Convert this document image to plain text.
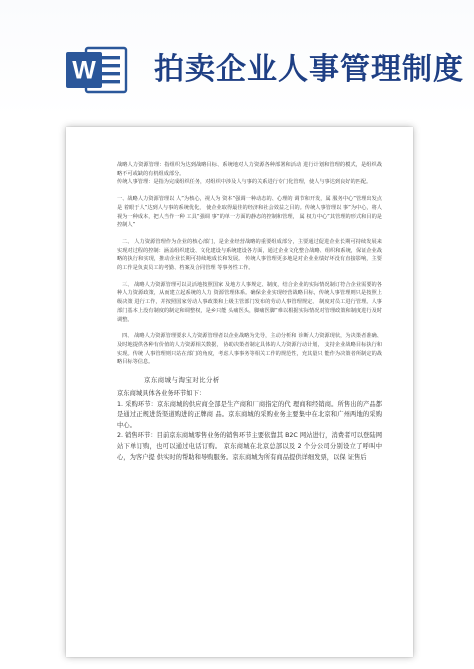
W 拍卖企业人事管理制度

战略人力资源管理：指组织为达到战略目标、系统地对人力资源各种部署和活动 进行计划和管理的模式，是组织战略不可或缺的有机组成部分。

传统人事管理：是指为完成组织任务，对组织中涉及人与事的关系进行专门化管理，使人与事达到良好的匹配。

一、战略人力资源管理以 人”为核心，视人为 资本”强调一种动态的、心理的 调节和开发，属 服务中心”管理出发点是 着眼于人”达到人与事的系统优化， 使企业取得最佳的经济和社会效益之目的。传统人事管理以 事”为中心，将人视为一种成本，把人当作一种 工具”强调 事”的单一方面的静态的控制和管理， 属 权力中心”其管理的形式和目的是 控制人”

二、 人力资源管理作为企业的核心部门，是企业经营战略的重要组成部分，主要通过促进企业长期可持续发展来实现对过程的控制：涵盖组织建设、文化建设与系统建设各方面，通过企业文化整合战略、组织和系统，保证企业战略的执行和实现，推动企业长期可持续地成长和发展。 传统人事管理更多地是对企业业绩好坏没有直接影响，主要的工作是负责员工的考勤、档案及合同管理 等事务性工作。

三、 战略人力资源管理可以灵活地按照国家 及地方人事规定、制度，结合企业的实际情况制订符合企业需要的各种人力资源政策，从而建立起系统的人力 资源管理体系。确保企业实现经营战略目标，传统人事管理则只是按照上级决策 进行工作，并按照国家劳动人事政策和上级主管部门发布的劳动人事管理规定、 制度对员工进行管理。人事部门基本上没有制度的制定和调整权，是乡只能 头痛医头，脚痛医脚”难以根据实际情况对管理政策和制度进行及时调整。

四、 战略人力资源管理要求人力资源管理者以企业战略为先导，主动分析和 诊断人力资源现状，为决策者准确、及时地提供各种有价值的人力资源相关数据， 协助决策者制定具体的人力资源行动计划， 支持企业战略目标执行和实现。传统 人事管理则只站在部门的角度，考虑人事事务等相关工作的规范性，充其量只 能作为决策者所制定的战略目标等信息。

京东商城与淘宝对比分析

京东商城具体各业务环节如下：

1. 采购环节：京东商城的供应商全部是生产商和厂商指定的代 理商和经销商。所售出的产品都是通过正规进货渠道购进的正牌商 品。京东商城的采购业务主要集中在北京和广州两地的采购中心。

2. 销售环节：目前京东商城零售业务的销售环节主要依靠其 B2C 网站进行，消费者可以登陆网站下单订购，也可以通过电话订购。 京东商城在北京总部以及 2 个分公司分别设立了呼叫中心，为客户提 供实时的帮助和导购服务。京东商城为所有商品提供详细发票，以保 证售后
